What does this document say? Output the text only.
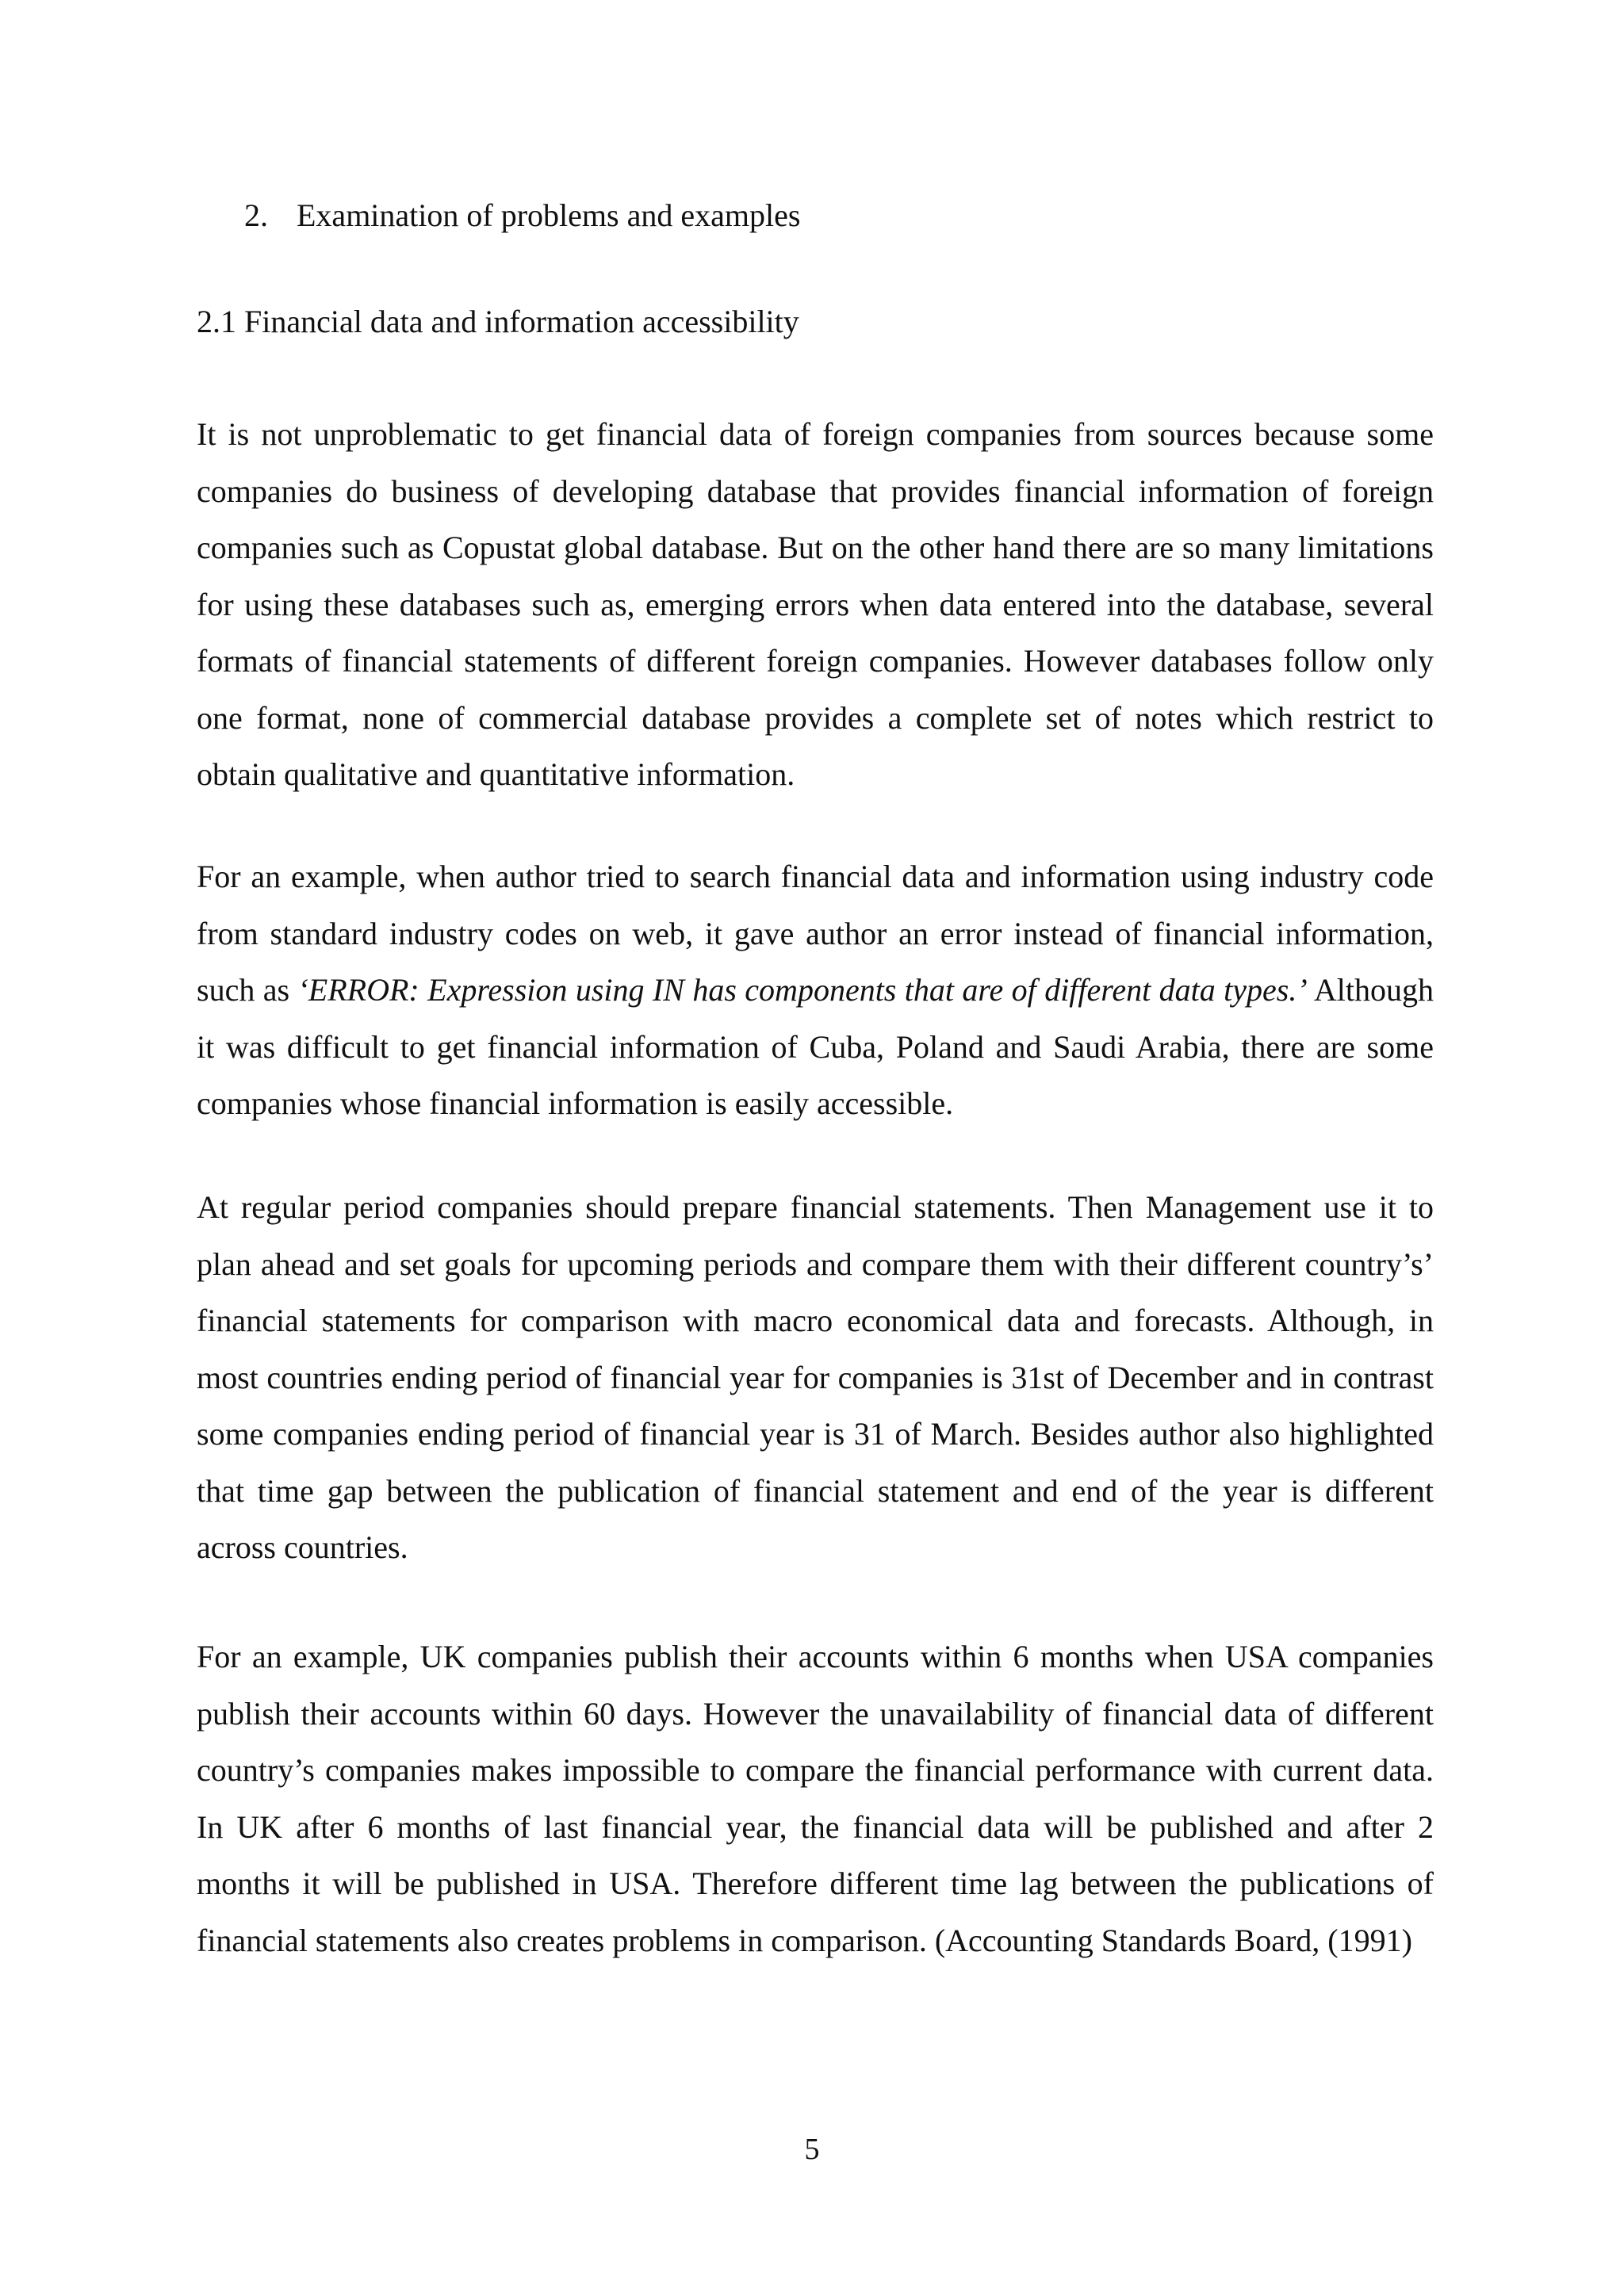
2. Examination of problems and examples
2.1 Financial data and information accessibility

It is not unproblematic to get financial data of foreign companies from sources because some companies do business of developing database that provides financial information of foreign companies such as Copustat global database. But on the other hand there are so many limitations for using these databases such as, emerging errors when data entered into the database, several formats of financial statements of different foreign companies. However databases follow only one format, none of commercial database provides a complete set of notes which restrict to obtain qualitative and quantitative information.

For an example, when author tried to search financial data and information using industry code from standard industry codes on web, it gave author an error instead of financial information, such as ‘ERROR: Expression using IN has components that are of different data types.’ Although it was difficult to get financial information of Cuba, Poland and Saudi Arabia, there are some companies whose financial information is easily accessible.

At regular period companies should prepare financial statements. Then Management use it to plan ahead and set goals for upcoming periods and compare them with their different country’s’ financial statements for comparison with macro economical data and forecasts. Although, in most countries ending period of financial year for companies is 31st of December and in contrast some companies ending period of financial year is 31 of March. Besides author also highlighted that time gap between the publication of financial statement and end of the year is different across countries.

For an example, UK companies publish their accounts within 6 months when USA companies publish their accounts within 60 days. However the unavailability of financial data of different country’s companies makes impossible to compare the financial performance with current data. In UK after 6 months of last financial year, the financial data will be published and after 2 months it will be published in USA. Therefore different time lag between the publications of financial statements also creates problems in comparison. (Accounting Standards Board, (1991)

5
